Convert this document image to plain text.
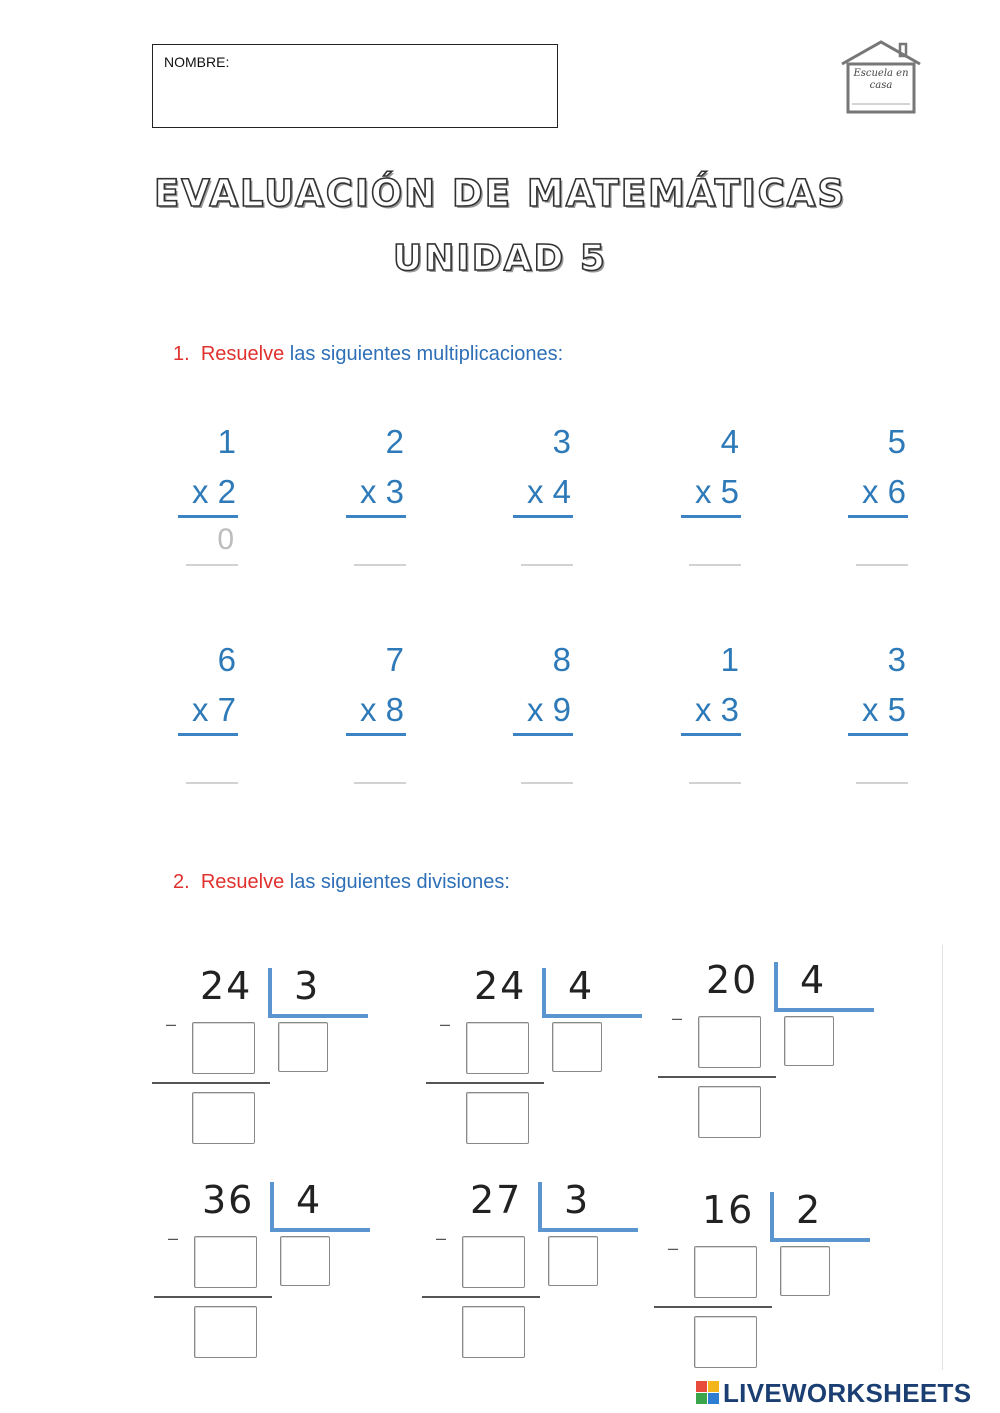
NOMBRE:
Escuela en
casa
EVALUACIÓN DE MATEMÁTICAS
UNIDAD 5
1. Resuelve las siguientes multiplicaciones:
1
x 2
0
2
x 3
3
x 4
4
x 5
5
x 6
6
x 7
7
x 8
8
x 9
1
x 3
3
x 5
2. Resuelve las siguientes divisiones:
24 3
–
24 4
–
20 4
–
36 4
–
27 3
–
16 2
–
LIVEWORKSHEETS
